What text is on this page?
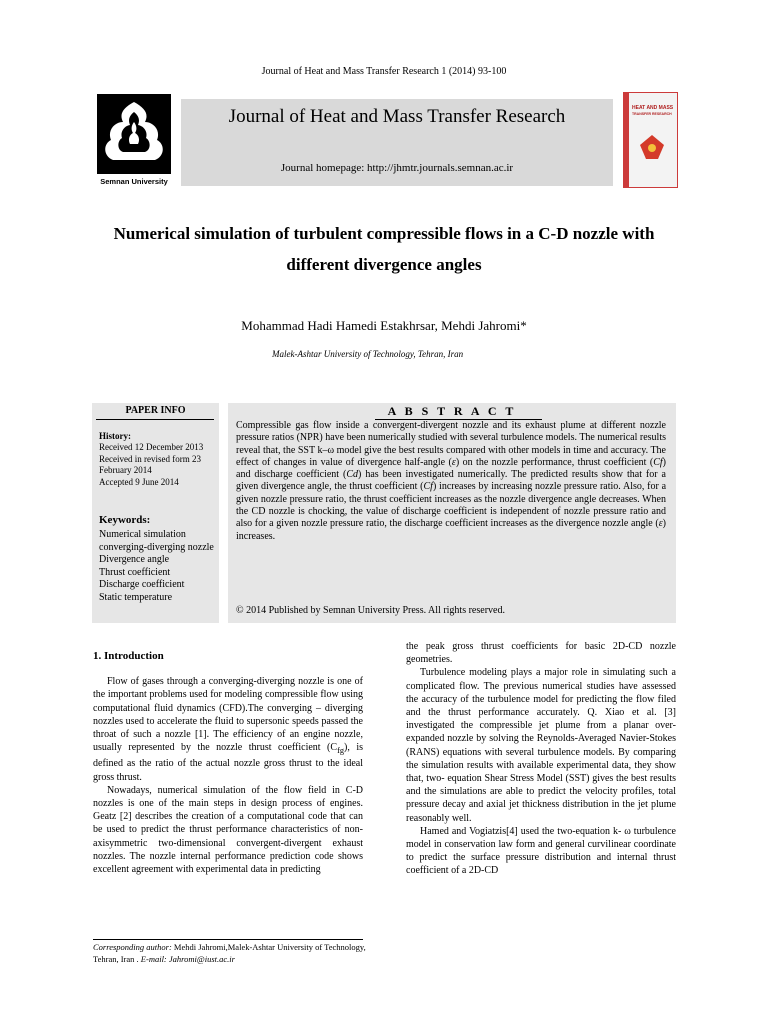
Journal of Heat and Mass Transfer Research 1 (2014) 93-100
Semnan University
Journal of Heat and Mass Transfer Research
Journal homepage: http://jhmtr.journals.semnan.ac.ir
HEAT AND MASS
TRANSFER RESEARCH
Numerical simulation of turbulent compressible flows in a C-D nozzle with different divergence angles
Mohammad Hadi Hamedi Estakhrsar, Mehdi Jahromi*
Malek-Ashtar University of Technology, Tehran, Iran
PAPER INFO
History:
Received 12 December 2013
Received in revised form 23 February 2014
Accepted 9 June 2014
Keywords:
Numerical simulation
converging-diverging nozzle
Divergence angle
Thrust coefficient
Discharge coefficient
Static temperature
A B S T R A C T
Compressible gas flow inside a convergent-divergent nozzle and its exhaust plume at different nozzle pressure ratios (NPR) have been numerically studied with several turbulence models. The numerical results reveal that, the SST k–ω model give the best results compared with other models in time and accuracy. The effect of changes in value of divergence half-angle (ε) on the nozzle performance, thrust coefficient (Cf) and discharge coefficient (Cd) has been investigated numerically. The predicted results show that for a given divergence angle, the thrust coefficient (Cf) increases by increasing nozzle pressure ratio. Also, for a given nozzle pressure ratio, the thrust coefficient increases as the nozzle divergence angle decreases. When the CD nozzle is chocking, the value of discharge coefficient is independent of nozzle pressure ratio and also for a given nozzle pressure ratio, the discharge coefficient increases as the divergence nozzle angle (ε) increases.
© 2014 Published by Semnan University Press. All rights reserved.

1. Introduction

Flow of gases through a converging-diverging nozzle is one of the important problems used for modeling compressible flow using computational fluid dynamics (CFD).The converging – diverging nozzles used to accelerate the fluid to supersonic speeds passed the throat of such a nozzle [1]. The efficiency of an engine nozzle, usually represented by the nozzle thrust coefficient $(C_{fg})$, is defined as the ratio of the actual nozzle gross thrust to the ideal gross thrust.

Nowadays, numerical simulation of the flow field in C-D nozzles is one of the main steps in design process of engines. Geatz [2] describes the creation of a computational code that can be used to predict the thrust performance characteristics of non-axisymmetric two-dimensional convergent-divergent exhaust nozzles. The nozzle internal performance prediction code shows excellent agreement with experimental data in predicting

the peak gross thrust coefficients for basic 2D-CD nozzle geometries.

Turbulence modeling plays a major role in simulating such a complicated flow. The previous numerical studies have assessed the accuracy of the turbulence model for predicting the flow filed and the thrust performance accurately. Q. Xiao et al. [3] investigated the compressible jet plume from a planar over-expanded nozzle by solving the Reynolds-Averaged Navier-Stokes (RANS) equations with several turbulence models. By comparing the simulation results with available experimental data, they show that, two- equation Shear Stress Model (SST) gives the best results and the simulations are able to predict the velocity profiles, total pressure decay and axial jet thickness distribution in the jet plume reasonably well.

Hamed and Vogiatzis[4] used the two-equation k- ω turbulence model in conservation law form and general curvilinear coordinate to predict the surface pressure distribution and internal thrust coefficient of a 2D-CD

Corresponding author: Mehdi Jahromi,Malek-Ashtar University of Technology, Tehran, Iran . E-mail: Jahromi@iust.ac.ir
